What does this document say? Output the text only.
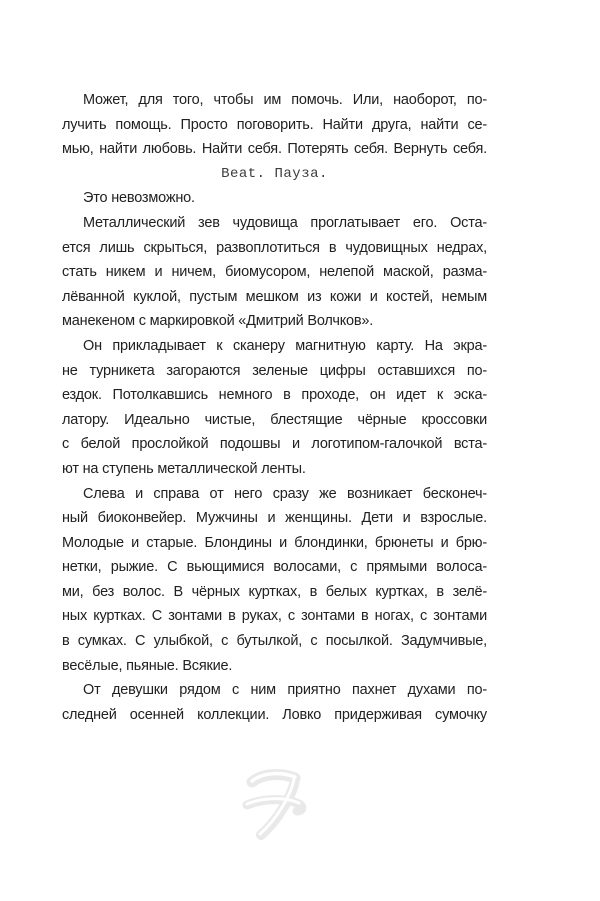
Может, для того, чтобы им помочь. Или, наоборот, по-
лучить помощь. Просто поговорить. Найти друга, найти се-
мью, найти любовь. Найти себя. Потерять себя. Вернуть себя.
Beat. Пауза.
Это невозможно.
Металлический зев чудовища проглатывает его. Оста-
ется лишь скрыться, развоплотиться в чудовищных недрах,
стать никем и ничем, биомусором, нелепой маской, разма-
лёванной куклой, пустым мешком из кожи и костей, немым
манекеном с маркировкой «Дмитрий Волчков».
Он прикладывает к сканеру магнитную карту. На экра-
не турникета загораются зеленые цифры оставшихся по-
ездок. Потолкавшись немного в проходе, он идет к эска-
латору. Идеально чистые, блестящие чёрные кроссовки
с белой прослойкой подошвы и логотипом-галочкой вста-
ют на ступень металлической ленты.
Слева и справа от него сразу же возникает бесконеч-
ный биоконвейер. Мужчины и женщины. Дети и взрослые.
Молодые и старые. Блондины и блондинки, брюнеты и брю-
нетки, рыжие. С вьющимися волосами, с прямыми волоса-
ми, без волос. В чёрных куртках, в белых куртках, в зелё-
ных куртках. С зонтами в руках, с зонтами в ногах, с зонтами
в сумках. С улыбкой, с бутылкой, с посылкой. Задумчивые,
весёлые, пьяные. Всякие.
От девушки рядом с ним приятно пахнет духами по-
следней осенней коллекции. Ловко придерживая сумочку
